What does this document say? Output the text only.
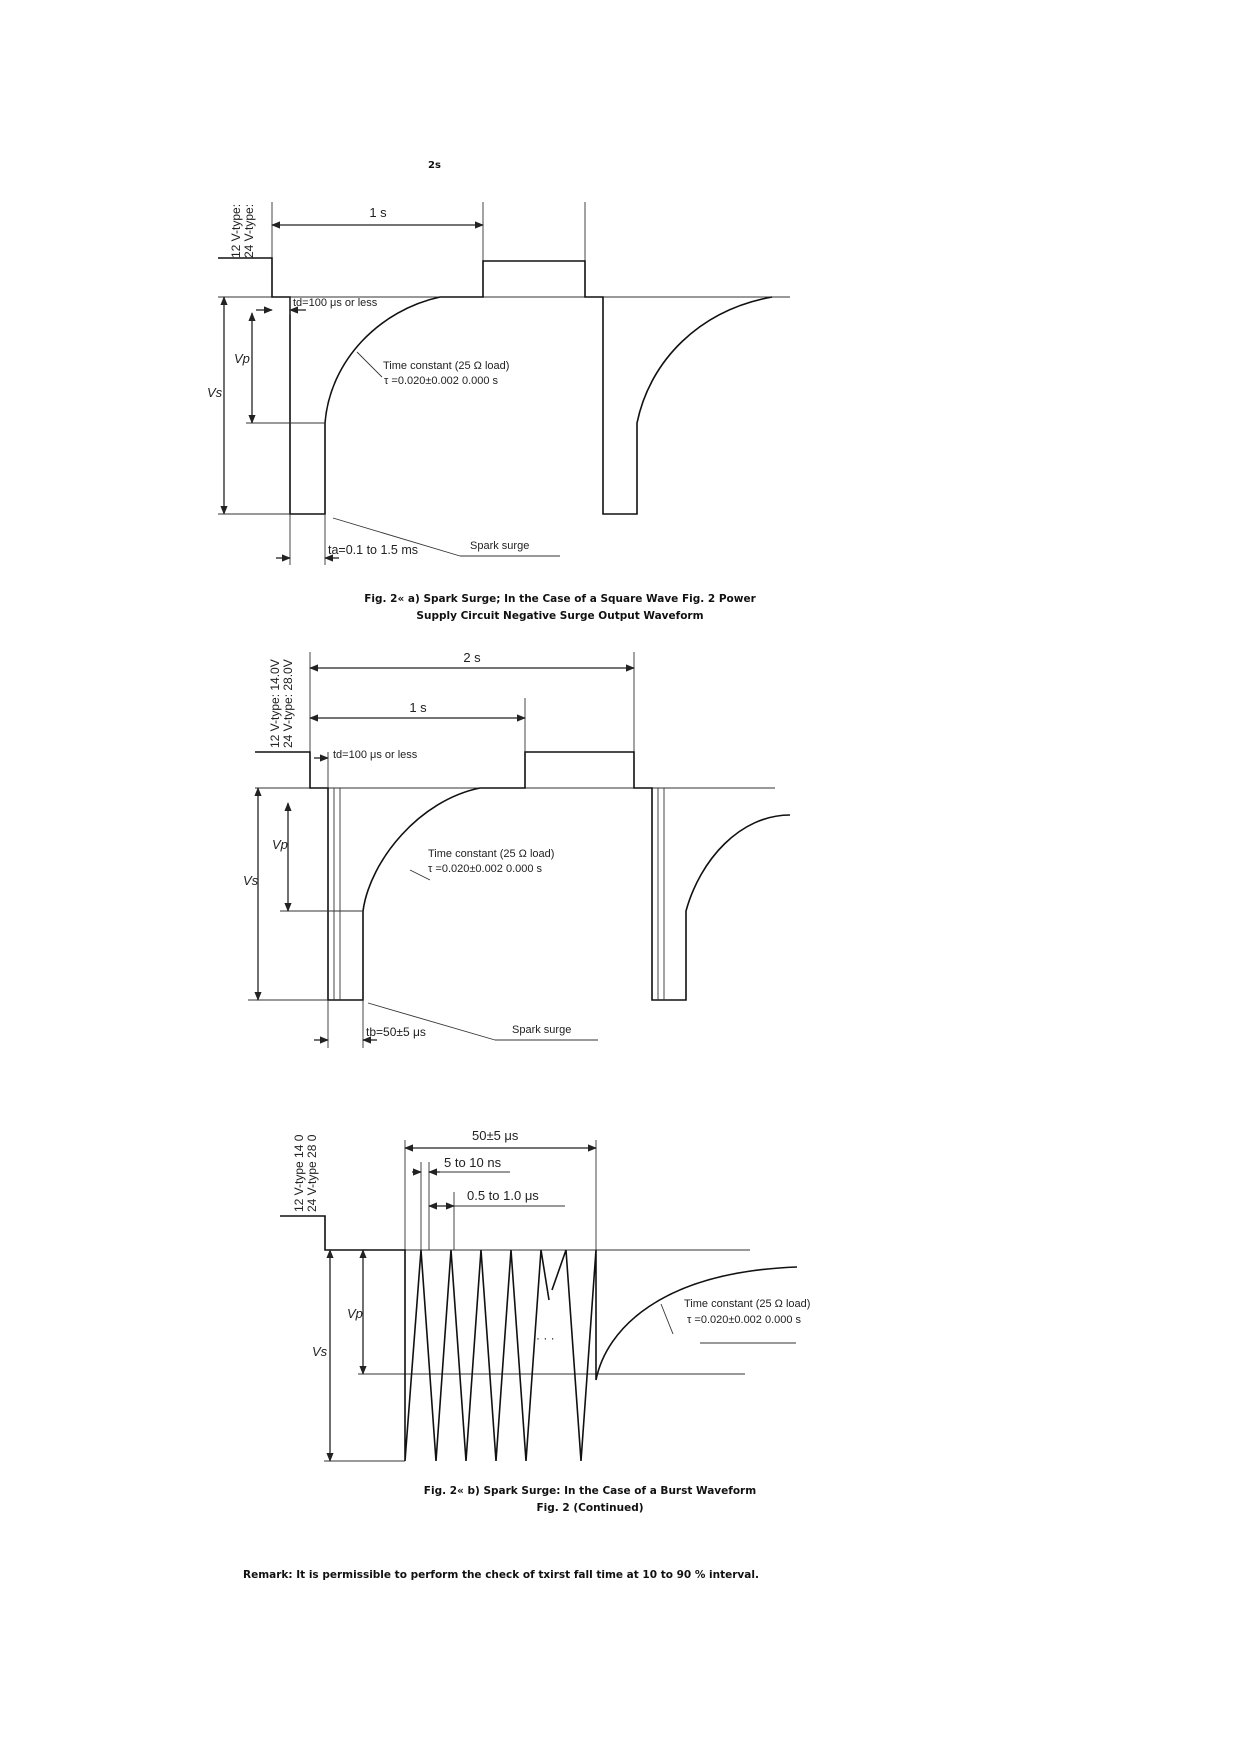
2s
12 V-type: 24 V-type:	1 s
td=100 μs or less
Vp
Vs
Time constant (25 Ω load)
τ =0.020±0.002 0.000 s
Spark surge
ta=0.1 to 1.5 ms
Fig. 2« a) Spark Surge; In the Case of a Square Wave Fig. 2 Power
Supply Circuit Negative Surge Output Waveform
12 V-type: 14.0V 24 V-type: 28.0V
2 s
1 s
td=100 μs or less
Vp
Vs
Time constant (25 Ω load)
τ =0.020±0.002 0.000 s
Spark surge
tb=50±5 μs
12 V-type 14 0 24 V-type 28 0	50±5 μs
5 to 10 ns
0.5 to 1.0 μs
· · ·
Vp
Vs
Time constant (25 Ω load)
τ =0.020±0.002 0.000 s
Fig. 2« b) Spark Surge: In the Case of a Burst Waveform
Fig. 2 (Continued)
Remark: It is permissible to perform the check of txirst fall time at 10 to 90 % interval.
